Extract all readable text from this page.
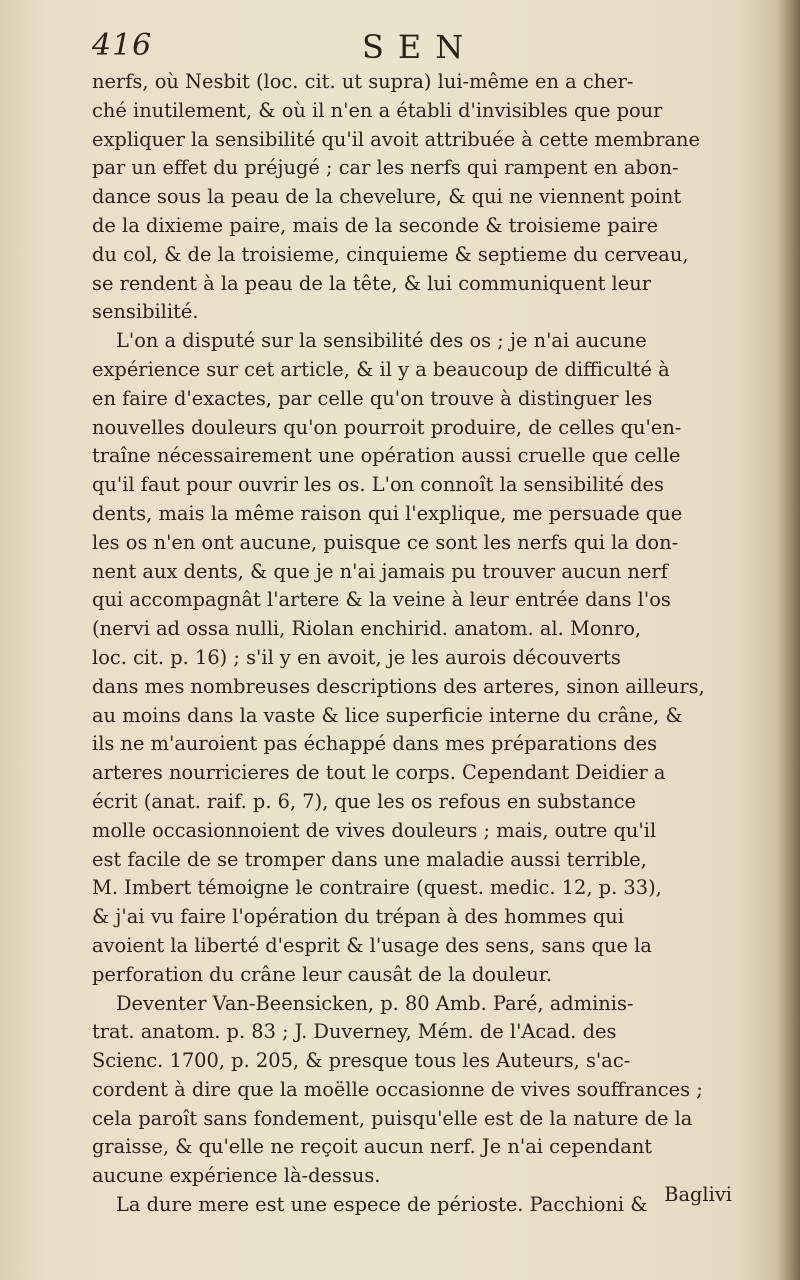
416	SEN

nerfs, où Nesbit (loc. cit. ut supra) lui-même en a cher-
ché inutilement, & où il n'en a établi d'invisibles que pour
expliquer la sensibilité qu'il avoit attribuée à cette membrane
par un effet du préjugé ; car les nerfs qui rampent en abon-
dance sous la peau de la chevelure, & qui ne viennent point
de la dixieme paire, mais de la seconde & troisieme paire
du col, & de la troisieme, cinquieme & septieme du cerveau,
se rendent à la peau de la tête, & lui communiquent leur
sensibilité.

L'on a disputé sur la sensibilité des os ; je n'ai aucune
expérience sur cet article, & il y a beaucoup de difficulté à
en faire d'exactes, par celle qu'on trouve à distinguer les
nouvelles douleurs qu'on pourroit produire, de celles qu'en-
traîne nécessairement une opération aussi cruelle que celle
qu'il faut pour ouvrir les os. L'on connoît la sensibilité des
dents, mais la même raison qui l'explique, me persuade que
les os n'en ont aucune, puisque ce sont les nerfs qui la don-
nent aux dents, & que je n'ai jamais pu trouver aucun nerf
qui accompagnât l'artere & la veine à leur entrée dans l'os
(nervi ad ossa nulli, Riolan enchirid. anatom. al. Monro,
loc. cit. p. 16) ; s'il y en avoit, je les aurois découverts
dans mes nombreuses descriptions des arteres, sinon ailleurs,
au moins dans la vaste & lice superficie interne du crâne, &
ils ne m'auroient pas échappé dans mes préparations des
arteres nourricieres de tout le corps. Cependant Deidier a
écrit (anat. raif. p. 6, 7), que les os refous en substance
molle occasionnoient de vives douleurs ; mais, outre qu'il
est facile de se tromper dans une maladie aussi terrible,
M. Imbert témoigne le contraire (quest. medic. 12, p. 33),
& j'ai vu faire l'opération du trépan à des hommes qui
avoient la liberté d'esprit & l'usage des sens, sans que la
perforation du crâne leur causât de la douleur.

Deventer Van-Beensicken, p. 80 Amb. Paré, adminis-
trat. anatom. p. 83 ; J. Duverney, Mém. de l'Acad. des
Scienc. 1700, p. 205, & presque tous les Auteurs, s'ac-
cordent à dire que la moëlle occasionne de vives souffrances ;
cela paroît sans fondement, puisqu'elle est de la nature de la
graisse, & qu'elle ne reçoit aucun nerf. Je n'ai cependant
aucune expérience là-dessus.

La dure mere est une espece de périoste. Pacchioni & Baglivi
